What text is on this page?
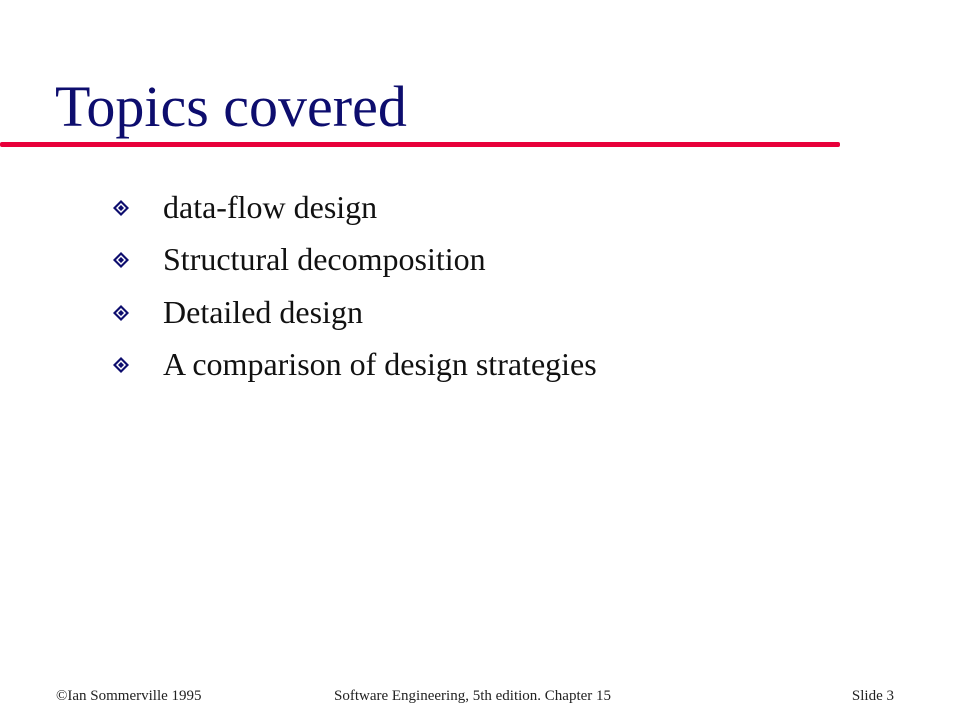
Topics covered
data-flow design
Structural decomposition
Detailed design
A comparison of design strategies
©Ian Sommerville 1995	Software Engineering, 5th edition. Chapter 15	Slide 3
